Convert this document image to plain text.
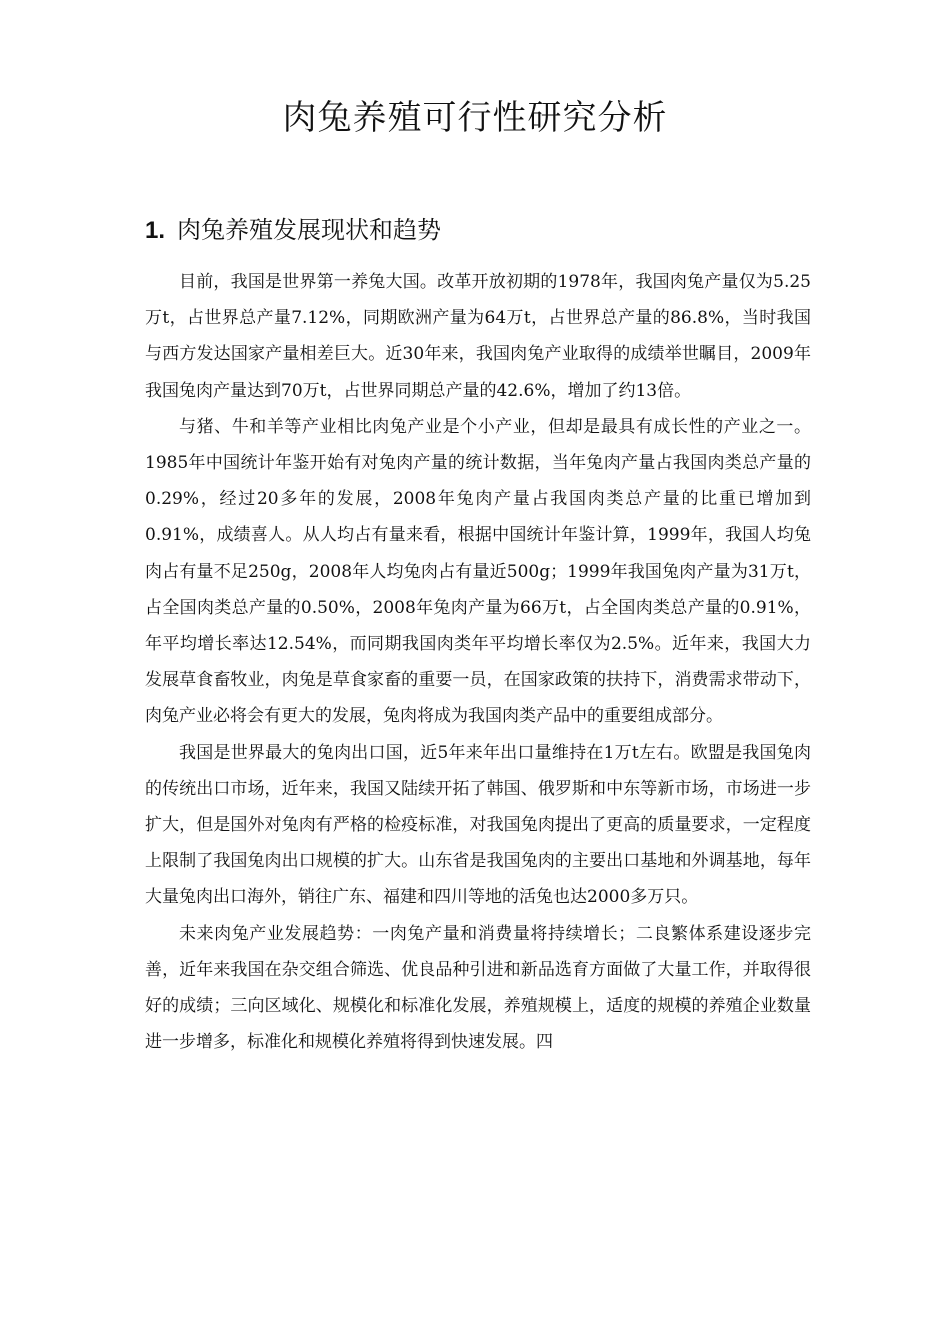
肉兔养殖可行性研究分析
1. 肉兔养殖发展现状和趋势

目前，我国是世界第一养兔大国。改革开放初期的1978年，我国肉兔产量仅为5.25万t，占世界总产量7.12%，同期欧洲产量为64万t，占世界总产量的86.8%，当时我国与西方发达国家产量相差巨大。近30年来，我国肉兔产业取得的成绩举世瞩目，2009年我国兔肉产量达到70万t，占世界同期总产量的42.6%，增加了约13倍。

与猪、牛和羊等产业相比肉兔产业是个小产业，但却是最具有成长性的产业之一。1985年中国统计年鉴开始有对兔肉产量的统计数据，当年兔肉产量占我国肉类总产量的0.29%，经过20多年的发展，2008年兔肉产量占我国肉类总产量的比重已增加到0.91%，成绩喜人。从人均占有量来看，根据中国统计年鉴计算，1999年，我国人均兔肉占有量不足250g，2008年人均兔肉占有量近500g；1999年我国兔肉产量为31万t，占全国肉类总产量的0.50%，2008年兔肉产量为66万t，占全国肉类总产量的0.91%，年平均增长率达12.54%，而同期我国肉类年平均增长率仅为2.5%。近年来，我国大力发展草食畜牧业，肉兔是草食家畜的重要一员，在国家政策的扶持下，消费需求带动下，肉兔产业必将会有更大的发展，兔肉将成为我国肉类产品中的重要组成部分。

我国是世界最大的兔肉出口国，近5年来年出口量维持在1万t左右。欧盟是我国兔肉的传统出口市场，近年来，我国又陆续开拓了韩国、俄罗斯和中东等新市场，市场进一步扩大，但是国外对兔肉有严格的检疫标准，对我国兔肉提出了更高的质量要求，一定程度上限制了我国兔肉出口规模的扩大。山东省是我国兔肉的主要出口基地和外调基地，每年大量兔肉出口海外，销往广东、福建和四川等地的活兔也达2000多万只。

未来肉兔产业发展趋势：一肉兔产量和消费量将持续增长；二良繁体系建设逐步完善，近年来我国在杂交组合筛选、优良品种引进和新品选育方面做了大量工作，并取得很好的成绩；三向区域化、规模化和标准化发展，养殖规模上，适度的规模的养殖企业数量进一步增多，标准化和规模化养殖将得到快速发展。四
